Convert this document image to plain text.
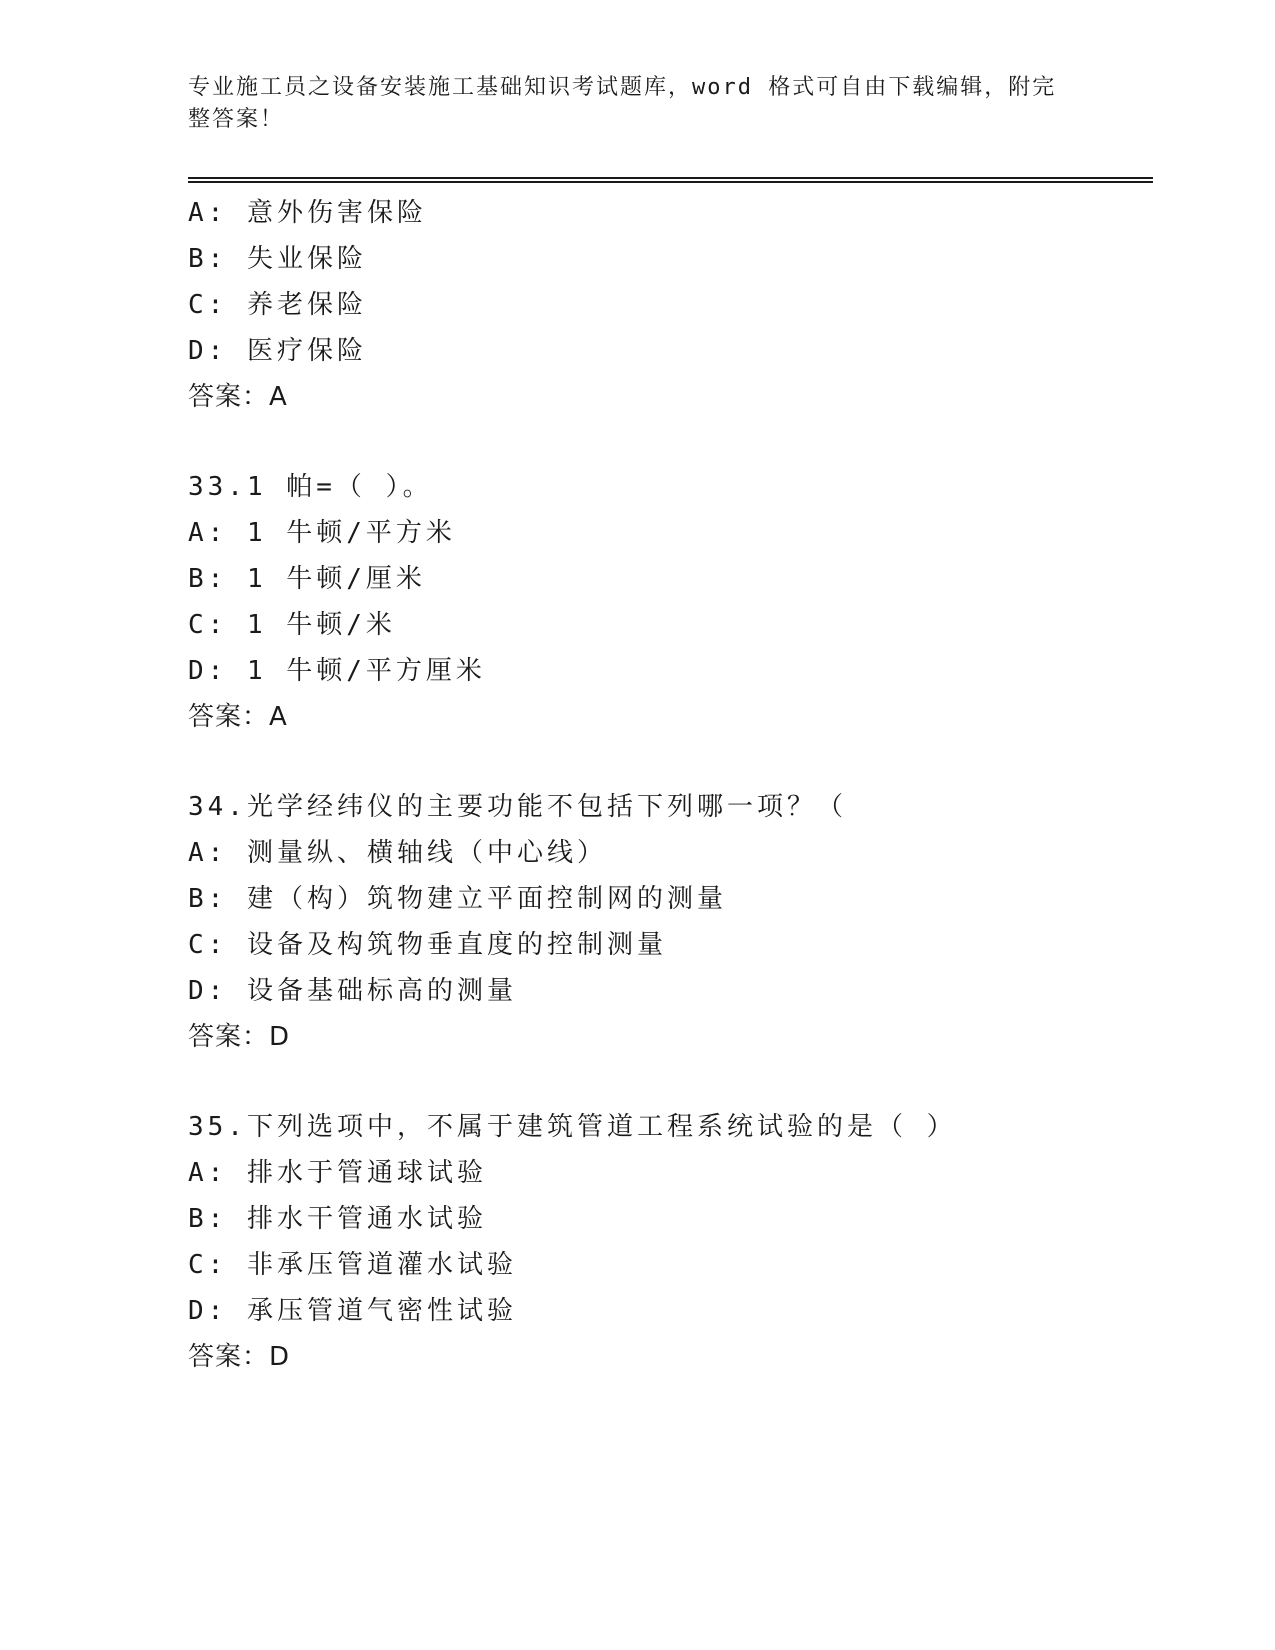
专业施工员之设备安装施工基础知识考试题库，word 格式可自由下载编辑，附完整答案！
A: 意外伤害保险
B: 失业保险
C: 养老保险
D: 医疗保险
答案：A
33.1 帕=（ ）。
A: 1 牛顿/平方米
B: 1 牛顿/厘米
C: 1 牛顿/米
D: 1 牛顿/平方厘米
答案：A
34.光学经纬仪的主要功能不包括下列哪一项？（
A: 测量纵、横轴线（中心线）
B: 建（构）筑物建立平面控制网的测量
C: 设备及构筑物垂直度的控制测量
D: 设备基础标高的测量
答案：D
35.下列选项中，不属于建筑管道工程系统试验的是（ ）
A: 排水于管通球试验
B: 排水干管通水试验
C: 非承压管道灌水试验
D: 承压管道气密性试验
答案：D
